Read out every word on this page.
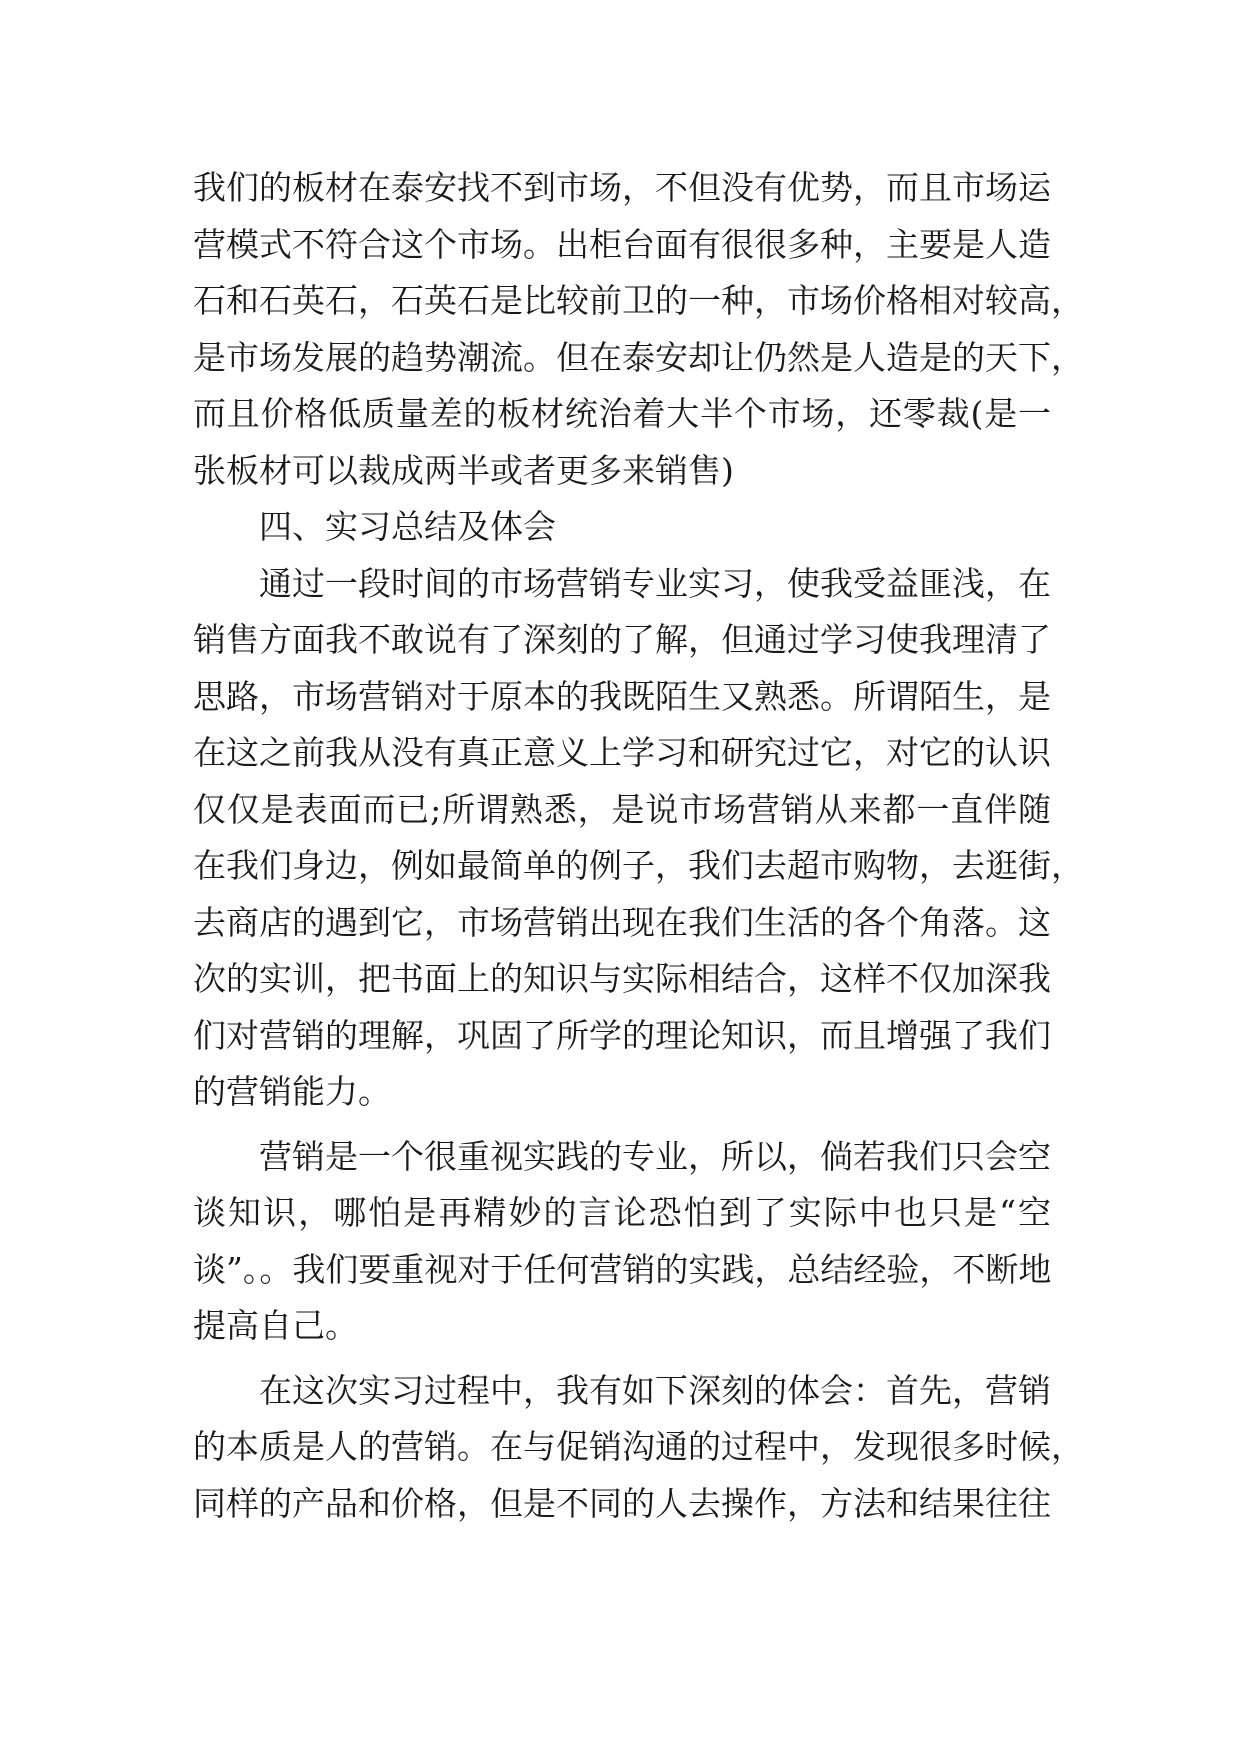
我们的板材在泰安找不到市场，不但没有优势，而且市场运
营模式不符合这个市场。出柜台面有很很多种，主要是人造
石和石英石，石英石是比较前卫的一种，市场价格相对较高，
是市场发展的趋势潮流。但在泰安却让仍然是人造是的天下，
而且价格低质量差的板材统治着大半个市场，还零裁(是一
张板材可以裁成两半或者更多来销售)
四、实习总结及体会
通过一段时间的市场营销专业实习，使我受益匪浅，在
销售方面我不敢说有了深刻的了解，但通过学习使我理清了
思路，市场营销对于原本的我既陌生又熟悉。所谓陌生，是
在这之前我从没有真正意义上学习和研究过它，对它的认识
仅仅是表面而已;所谓熟悉，是说市场营销从来都一直伴随
在我们身边，例如最简单的例子，我们去超市购物，去逛街，
去商店的遇到它，市场营销出现在我们生活的各个角落。这
次的实训，把书面上的知识与实际相结合，这样不仅加深我
们对营销的理解，巩固了所学的理论知识，而且增强了我们
的营销能力。
营销是一个很重视实践的专业，所以，倘若我们只会空
谈知识，哪怕是再精妙的言论恐怕到了实际中也只是“空
谈”。。我们要重视对于任何营销的实践，总结经验，不断地
提高自己。
在这次实习过程中，我有如下深刻的体会：首先，营销
的本质是人的营销。在与促销沟通的过程中，发现很多时候，
同样的产品和价格，但是不同的人去操作，方法和结果往往
